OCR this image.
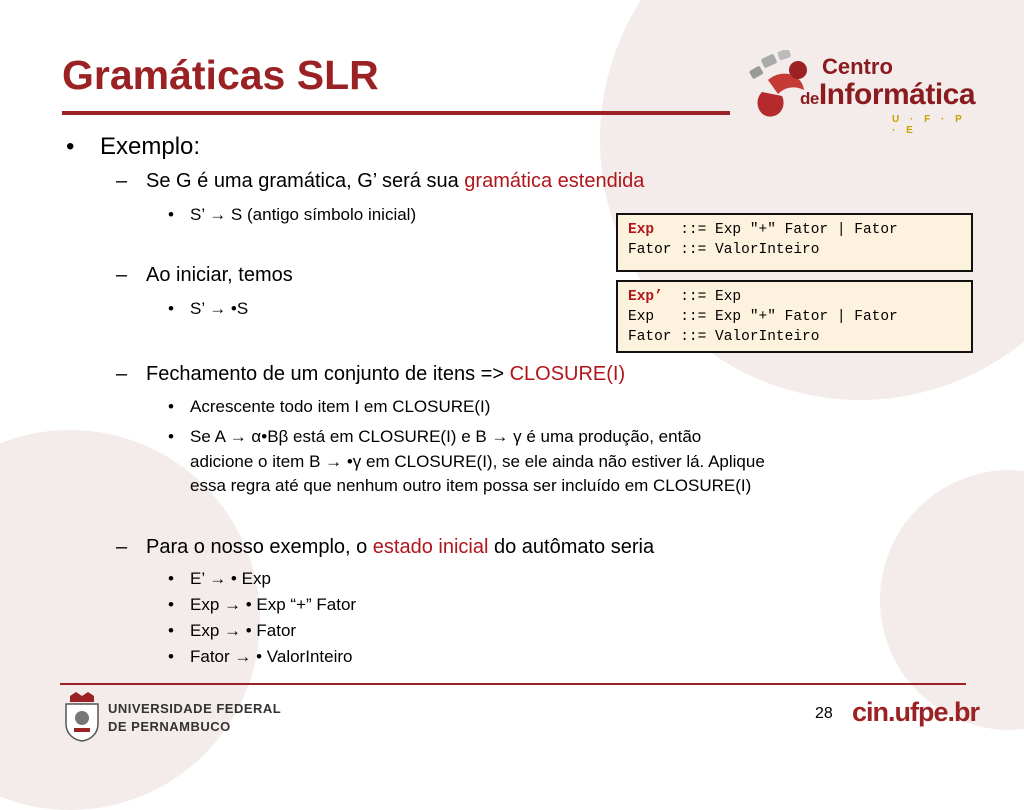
Gramáticas SLR	Centro
deInformática
U · F · P · E
• Exemplo:
– Se G é uma gramática, G’ será sua gramática estendida
• S’ → S (antigo símbolo inicial)
– Ao iniciar, temos
• S’ → •S
– Fechamento de um conjunto de itens => CLOSURE(I)
• Acrescente todo item I em CLOSURE(I)
• Se A → α•Bβ está em CLOSURE(I) e B → γ é uma produção, então
adicione o item B → •γ em CLOSURE(I), se ele ainda não estiver lá. Aplique
essa regra até que nenhum outro item possa ser incluído em CLOSURE(I)
– Para o nosso exemplo, o estado inicial do autômato seria
• E’ → • Exp
• Exp → • Exp “+” Fator
• Exp → • Fator
• Fator → • ValorInteiro
Exp   ::= Exp "+" Fator | Fator
Fator ::= ValorInteiro
Exp’  ::= Exp
Exp   ::= Exp "+" Fator | Fator
Fator ::= ValorInteiro
UNIVERSIDADE FEDERAL
DE PERNAMBUCO
28 cin.ufpe.br
